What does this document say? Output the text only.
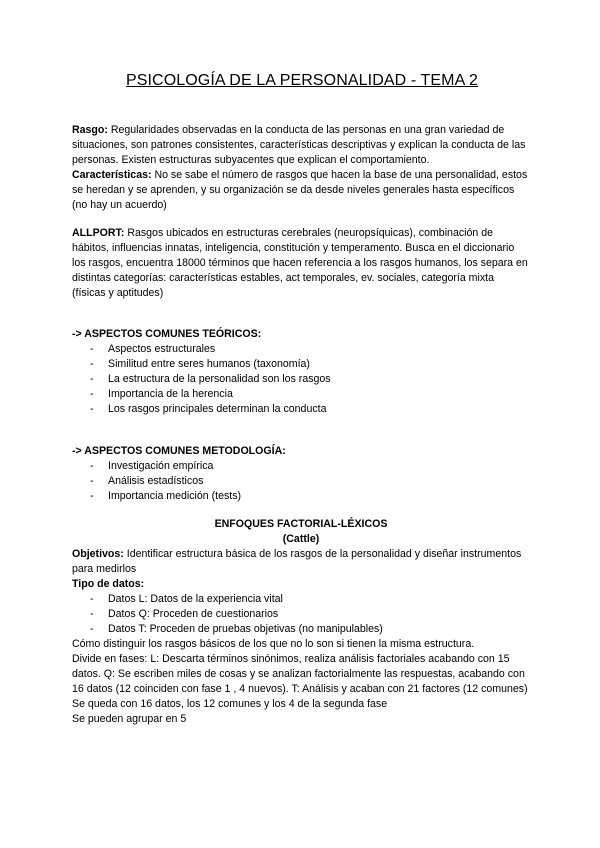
PSICOLOGÍA DE LA PERSONALIDAD - TEMA 2

Rasgo: Regularidades observadas en la conducta de las personas en una gran variedad de situaciones, son patrones consistentes, características descriptivas y explican la conducta de las personas. Existen estructuras subyacentes que explican el comportamiento.

Características: No se sabe el número de rasgos que hacen la base de una personalidad, estos se heredan y se aprenden, y su organización se da desde niveles generales hasta específicos (no hay un acuerdo)

ALLPORT: Rasgos ubicados en estructuras cerebrales (neuropsíquicas), combinación de hábitos, influencias innatas, inteligencia, constitución y temperamento. Busca en el diccionario los rasgos, encuentra 18000 términos que hacen referencia a los rasgos humanos, los separa en distintas categorías: características estables, act temporales, ev. sociales, categoría mixta (físicas y aptitudes)

-> ASPECTOS COMUNES TEÓRICOS:

- Aspectos estructurales
- Similitud entre seres humanos (taxonomía)
- La estructura de la personalidad son los rasgos
- Importancia de la herencia
- Los rasgos principales determinan la conducta

-> ASPECTOS COMUNES METODOLOGÍA:

- Investigación empírica
- Análisis estadísticos
- Importancia medición (tests)

ENFOQUES FACTORIAL-LÉXICOS

(Cattle)

Objetivos: Identificar estructura básica de los rasgos de la personalidad y diseñar instrumentos para medirlos

Tipo de datos:

- Datos L: Datos de la experiencia vital
- Datos Q: Proceden de cuestionarios
- Datos T: Proceden de pruebas objetivas (no manipulables)

Cómo distinguir los rasgos básicos de los que no lo son si tienen la misma estructura.

Divide en fases: L: Descarta términos sinónimos, realiza análisis factoriales acabando con 15 datos. Q: Se escriben miles de cosas y se analizan factorialmente las respuestas, acabando con 16 datos (12 coinciden con fase 1 , 4 nuevos). T: Análisis y acaban con 21 factores (12 comunes)

Se queda con 16 datos, los 12 comunes y los 4 de la segunda fase

Se pueden agrupar en 5
